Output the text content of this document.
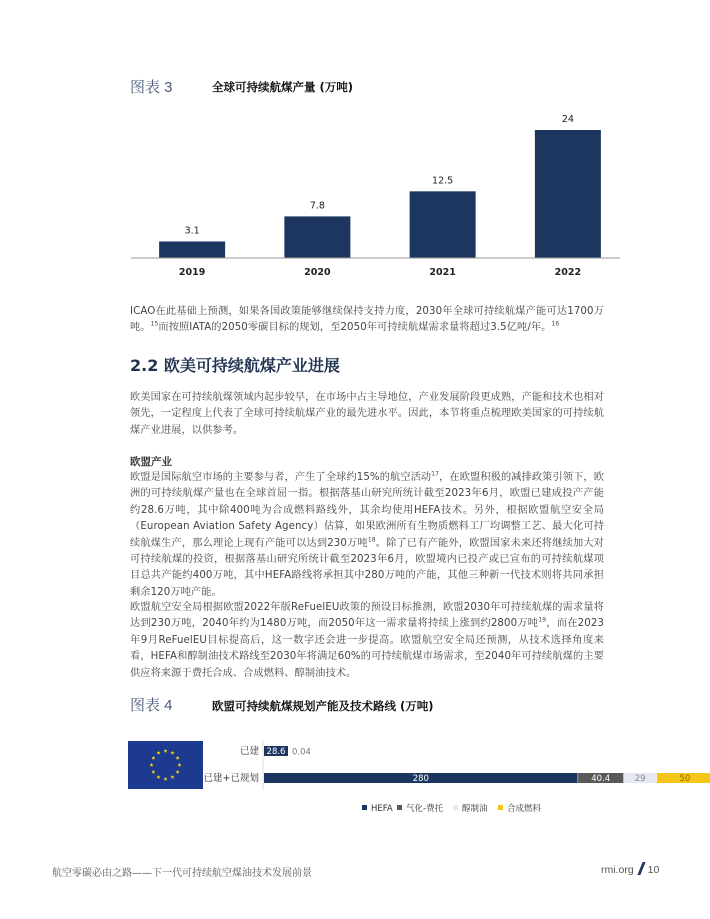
图表 3	全球可持续航煤产量 (万吨)
3.1
2019
7.8
2020
12.5
2021
24
2022

ICAO在此基础上预测，如果各国政策能够继续保持支持力度，2030年全球可持续航煤产能可达1700万吨。$^{15}$而按照IATA的2050零碳目标的规划，至2050年可持续航煤需求量将超过3.5亿吨/年。$^{16}$

2.2 欧美可持续航煤产业进展

欧美国家在可持续航煤领域内起步较早，在市场中占主导地位，产业发展阶段更成熟，产能和技术也相对领先，一定程度上代表了全球可持续航煤产业的最先进水平。因此，本节将重点梳理欧美国家的可持续航煤产业进展，以供参考。

欧盟产业

欧盟是国际航空市场的主要参与者，产生了全球约15%的航空活动$^{17}$，在欧盟积极的减排政策引领下，欧洲的可持续航煤产量也在全球首屈一指。根据落基山研究所统计截至2023年6月，欧盟已建成投产产能约28.6万吨，其中除400吨为合成燃料路线外，其余均使用HEFA技术。另外，根据欧盟航空安全局（European Aviation Safety Agency）估算，如果欧洲所有生物质燃料工厂均调整工艺、最大化可持续航煤生产，那么理论上现有产能可以达到230万吨$^{18}$。除了已有产能外，欧盟国家未来还将继续加大对可持续航煤的投资，根据落基山研究所统计截至2023年6月，欧盟境内已投产或已宣布的可持续航煤项目总共产能约400万吨，其中HEFA路线将承担其中280万吨的产能，其他三种新一代技术则将共同承担剩余120万吨产能。

欧盟航空安全局根据欧盟2022年版ReFuelEU政策的预设目标推测，欧盟2030年可持续航煤的需求量将达到230万吨，2040年约为1480万吨，而2050年这一需求量将持续上涨到约2800万吨$^{19}$，而在2023年9月ReFuelEU目标提高后，这一数字还会进一步提高。欧盟航空安全局还预测，从技术选择角度来看，HEFA和醇制油技术路线至2030年将满足60%的可持续航煤市场需求，至2040年可持续航煤的主要供应将来源于费托合成、合成燃料、醇制油技术。

图表 4	欧盟可持续航煤规划产能及技术路线 (万吨)
已建
已建+已规划
28.6 0.04
280	40.4	29	50
HEFA 气化-费托 醇制油 合成燃料
航空零碳必由之路——下一代可持续航空煤油技术发展前景	rmi.org 10
